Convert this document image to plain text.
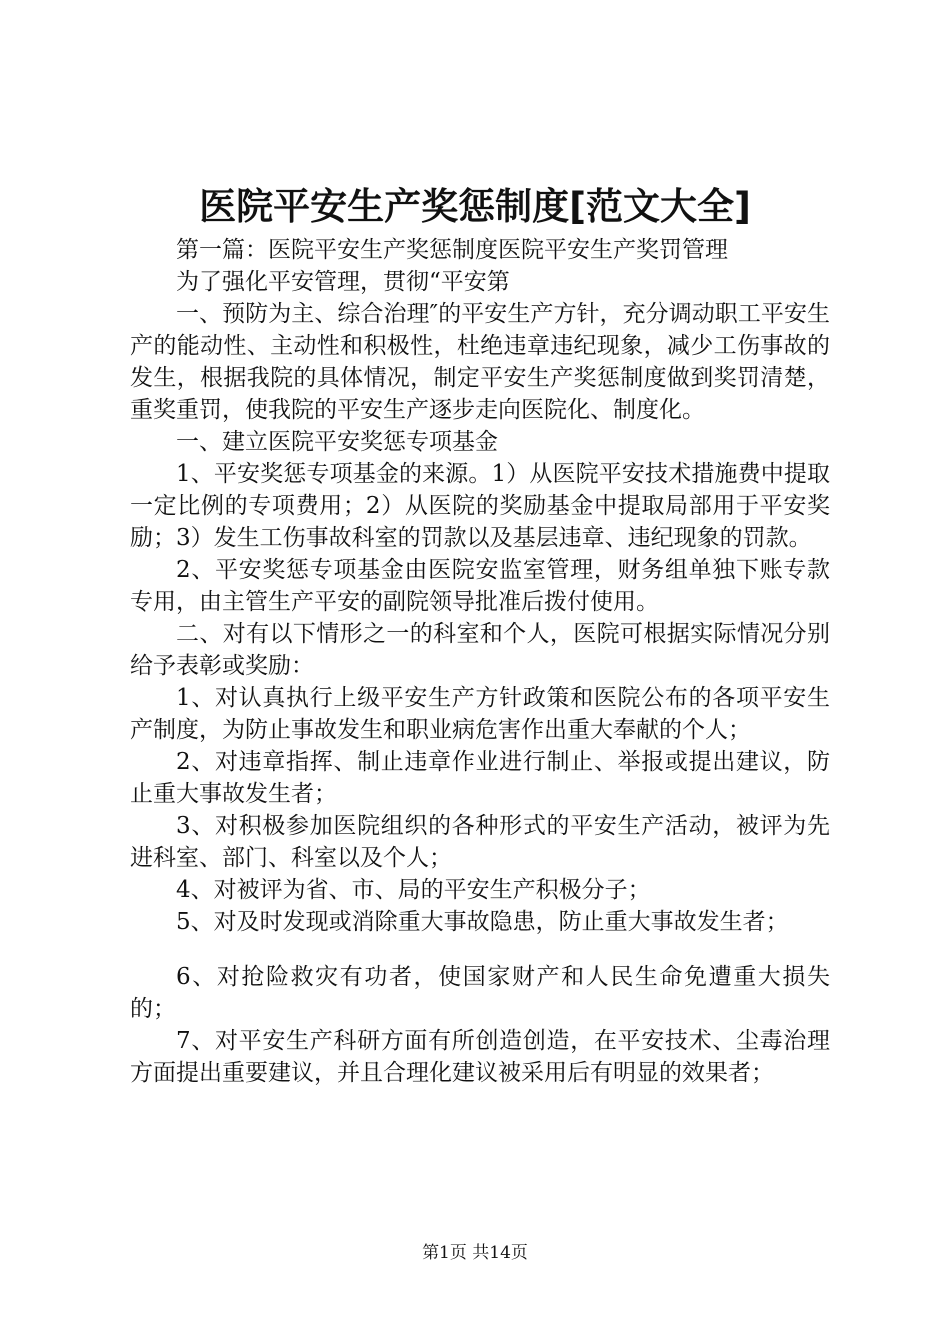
医院平安生产奖惩制度[范文大全]

第一篇：医院平安生产奖惩制度医院平安生产奖罚管理

为了强化平安管理，贯彻“平安第

一、预防为主、综合治理″的平安生产方针，充分调动职工平安生产的能动性、主动性和积极性，杜绝违章违纪现象，减少工伤事故的发生，根据我院的具体情况，制定平安生产奖惩制度做到奖罚清楚，重奖重罚，使我院的平安生产逐步走向医院化、制度化。

一、建立医院平安奖惩专项基金

1、平安奖惩专项基金的来源。1）从医院平安技术措施费中提取一定比例的专项费用；2）从医院的奖励基金中提取局部用于平安奖励；3）发生工伤事故科室的罚款以及基层违章、违纪现象的罚款。

2、平安奖惩专项基金由医院安监室管理，财务组单独下账专款专用，由主管生产平安的副院领导批准后拨付使用。

二、对有以下情形之一的科室和个人，医院可根据实际情况分别给予表彰或奖励：

1、对认真执行上级平安生产方针政策和医院公布的各项平安生产制度，为防止事故发生和职业病危害作出重大奉献的个人；

2、对违章指挥、制止违章作业进行制止、举报或提出建议，防止重大事故发生者；

3、对积极参加医院组织的各种形式的平安生产活动，被评为先进科室、部门、科室以及个人；

4、对被评为省、市、局的平安生产积极分子；

5、对及时发现或消除重大事故隐患，防止重大事故发生者；

6、对抢险救灾有功者，使国家财产和人民生命免遭重大损失的；

7、对平安生产科研方面有所创造创造，在平安技术、尘毒治理方面提出重要建议，并且合理化建议被采用后有明显的效果者；

第1页 共14页
